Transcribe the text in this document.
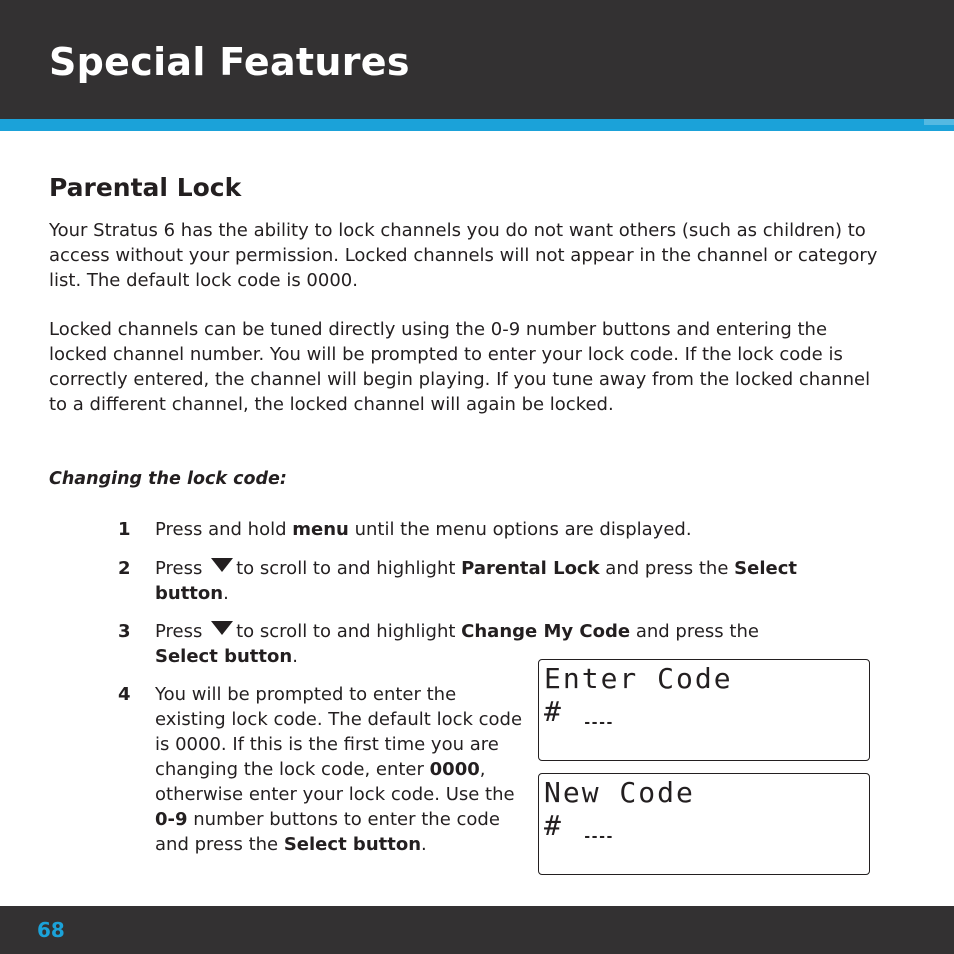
Special Features
Parental Lock

Your Stratus 6 has the ability to lock channels you do not want others (such as children) to access without your permission. Locked channels will not appear in the channel or category list. The default lock code is 0000.

Locked channels can be tuned directly using the 0-9 number buttons and entering the locked channel number. You will be prompted to enter your lock code. If the lock code is correctly entered, the channel will begin playing. If you tune away from the locked channel to a different channel, the locked channel will again be locked.

Changing the lock code:
1	Press and hold menu until the menu options are displayed.
2	Press to scroll to and highlight Parental Lock and press the Select button.
3	Press to scroll to and highlight Change My Code and press the Select button.
4	You will be prompted to enter the existing lock code. The default lock code is 0000. If this is the first time you are changing the lock code, enter 0000, otherwise enter your lock code. Use the 0-9 number buttons to enter the code and press the Select button.
Enter Code
# ----
New Code
# ----
68
